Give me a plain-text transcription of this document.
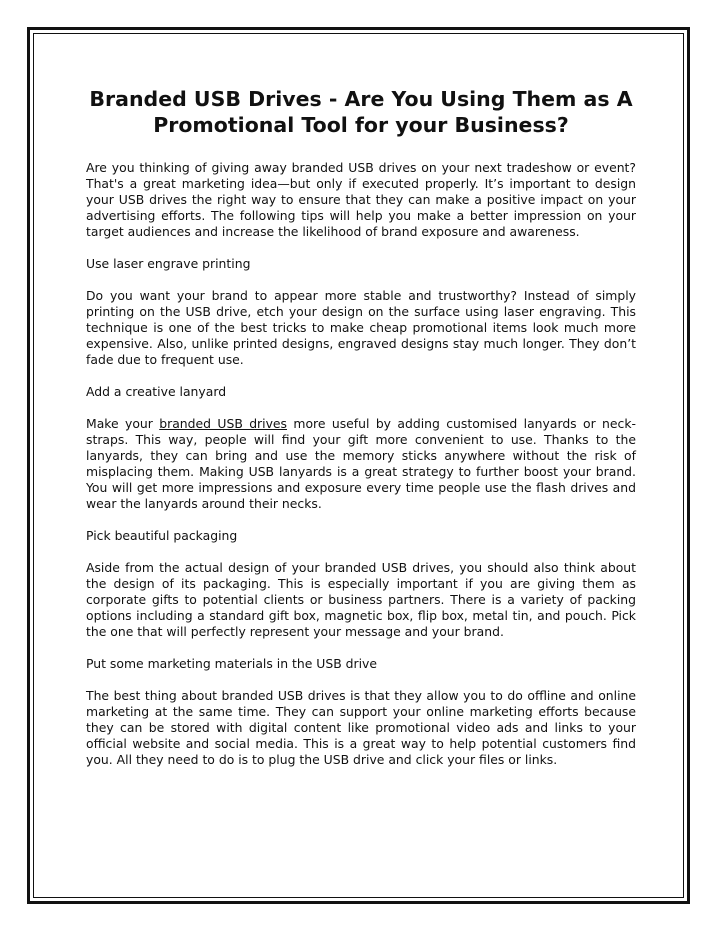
Branded USB Drives - Are You Using Them as A Promotional Tool for your Business?

Are you thinking of giving away branded USB drives on your next tradeshow or event? That's a great marketing idea—but only if executed properly. It’s important to design your USB drives the right way to ensure that they can make a positive impact on your advertising efforts. The following tips will help you make a better impression on your target audiences and increase the likelihood of brand exposure and awareness.

Use laser engrave printing

Do you want your brand to appear more stable and trustworthy? Instead of simply printing on the USB drive, etch your design on the surface using laser engraving. This technique is one of the best tricks to make cheap promotional items look much more expensive. Also, unlike printed designs, engraved designs stay much longer. They don’t fade due to frequent use.

Add a creative lanyard

Make your branded USB drives more useful by adding customised lanyards or neck-straps. This way, people will find your gift more convenient to use. Thanks to the lanyards, they can bring and use the memory sticks anywhere without the risk of misplacing them. Making USB lanyards is a great strategy to further boost your brand. You will get more impressions and exposure every time people use the flash drives and wear the lanyards around their necks.

Pick beautiful packaging

Aside from the actual design of your branded USB drives, you should also think about the design of its packaging. This is especially important if you are giving them as corporate gifts to potential clients or business partners. There is a variety of packing options including a standard gift box, magnetic box, flip box, metal tin, and pouch. Pick the one that will perfectly represent your message and your brand.

Put some marketing materials in the USB drive

The best thing about branded USB drives is that they allow you to do offline and online marketing at the same time. They can support your online marketing efforts because they can be stored with digital content like promotional video ads and links to your official website and social media. This is a great way to help potential customers find you. All they need to do is to plug the USB drive and click your files or links.
